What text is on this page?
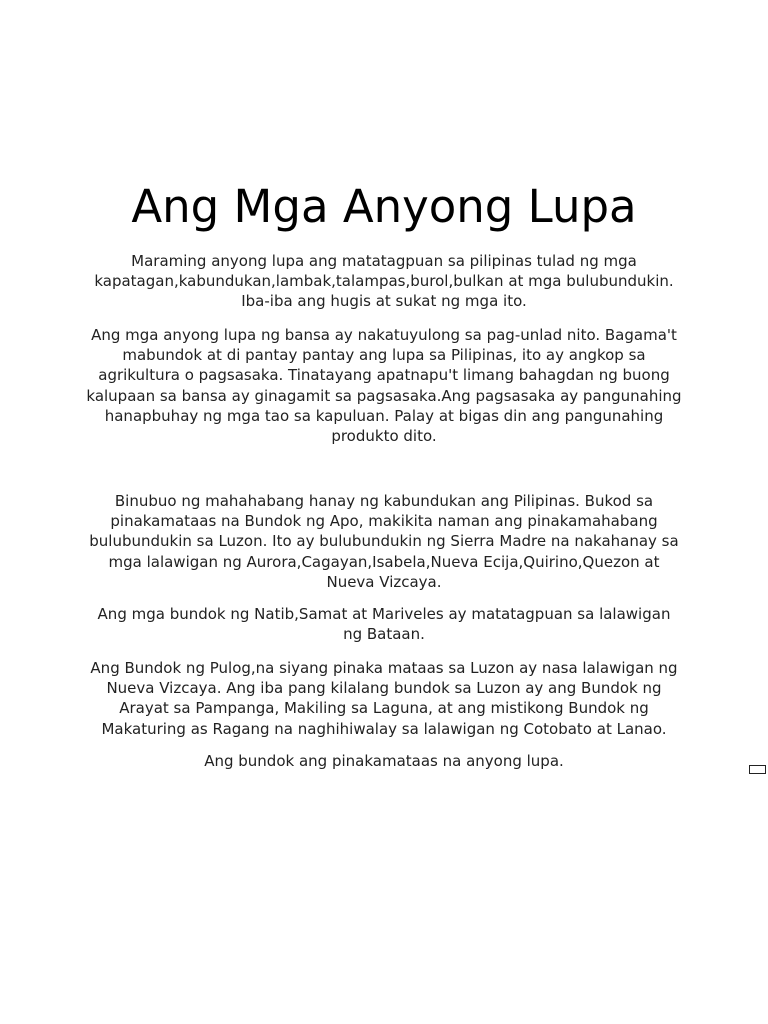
Ang Mga Anyong Lupa

Maraming anyong lupa ang matatagpuan sa pilipinas tulad ng mga kapatagan,kabundukan,lambak,talampas,burol,bulkan at mga bulubundukin. Iba-iba ang hugis at sukat ng mga ito.

Ang mga anyong lupa ng bansa ay nakatuyulong sa pag-unlad nito. Bagama't mabundok at di pantay pantay ang lupa sa Pilipinas, ito ay angkop sa agrikultura o pagsasaka. Tinatayang apatnapu't limang bahagdan ng buong kalupaan sa bansa ay ginagamit sa pagsasaka.Ang pagsasaka ay pangunahing hanapbuhay ng mga tao sa kapuluan. Palay at bigas din ang pangunahing produkto dito.

Binubuo ng mahahabang hanay ng kabundukan ang Pilipinas. Bukod sa pinakamataas na Bundok ng Apo, makikita naman ang pinakamahabang bulubundukin sa Luzon. Ito ay bulubundukin ng Sierra Madre na nakahanay sa mga lalawigan ng Aurora,Cagayan,Isabela,Nueva Ecija,Quirino,Quezon at Nueva Vizcaya.

Ang mga bundok ng Natib,Samat at Mariveles ay matatagpuan sa lalawigan ng Bataan.

Ang Bundok ng Pulog,na siyang pinaka mataas sa Luzon ay nasa lalawigan ng Nueva Vizcaya. Ang iba pang kilalang bundok sa Luzon ay ang Bundok ng Arayat sa Pampanga, Makiling sa Laguna, at ang mistikong Bundok ng Makaturing as Ragang na naghihiwalay sa lalawigan ng Cotobato at Lanao.

Ang bundok ang pinakamataas na anyong lupa.
